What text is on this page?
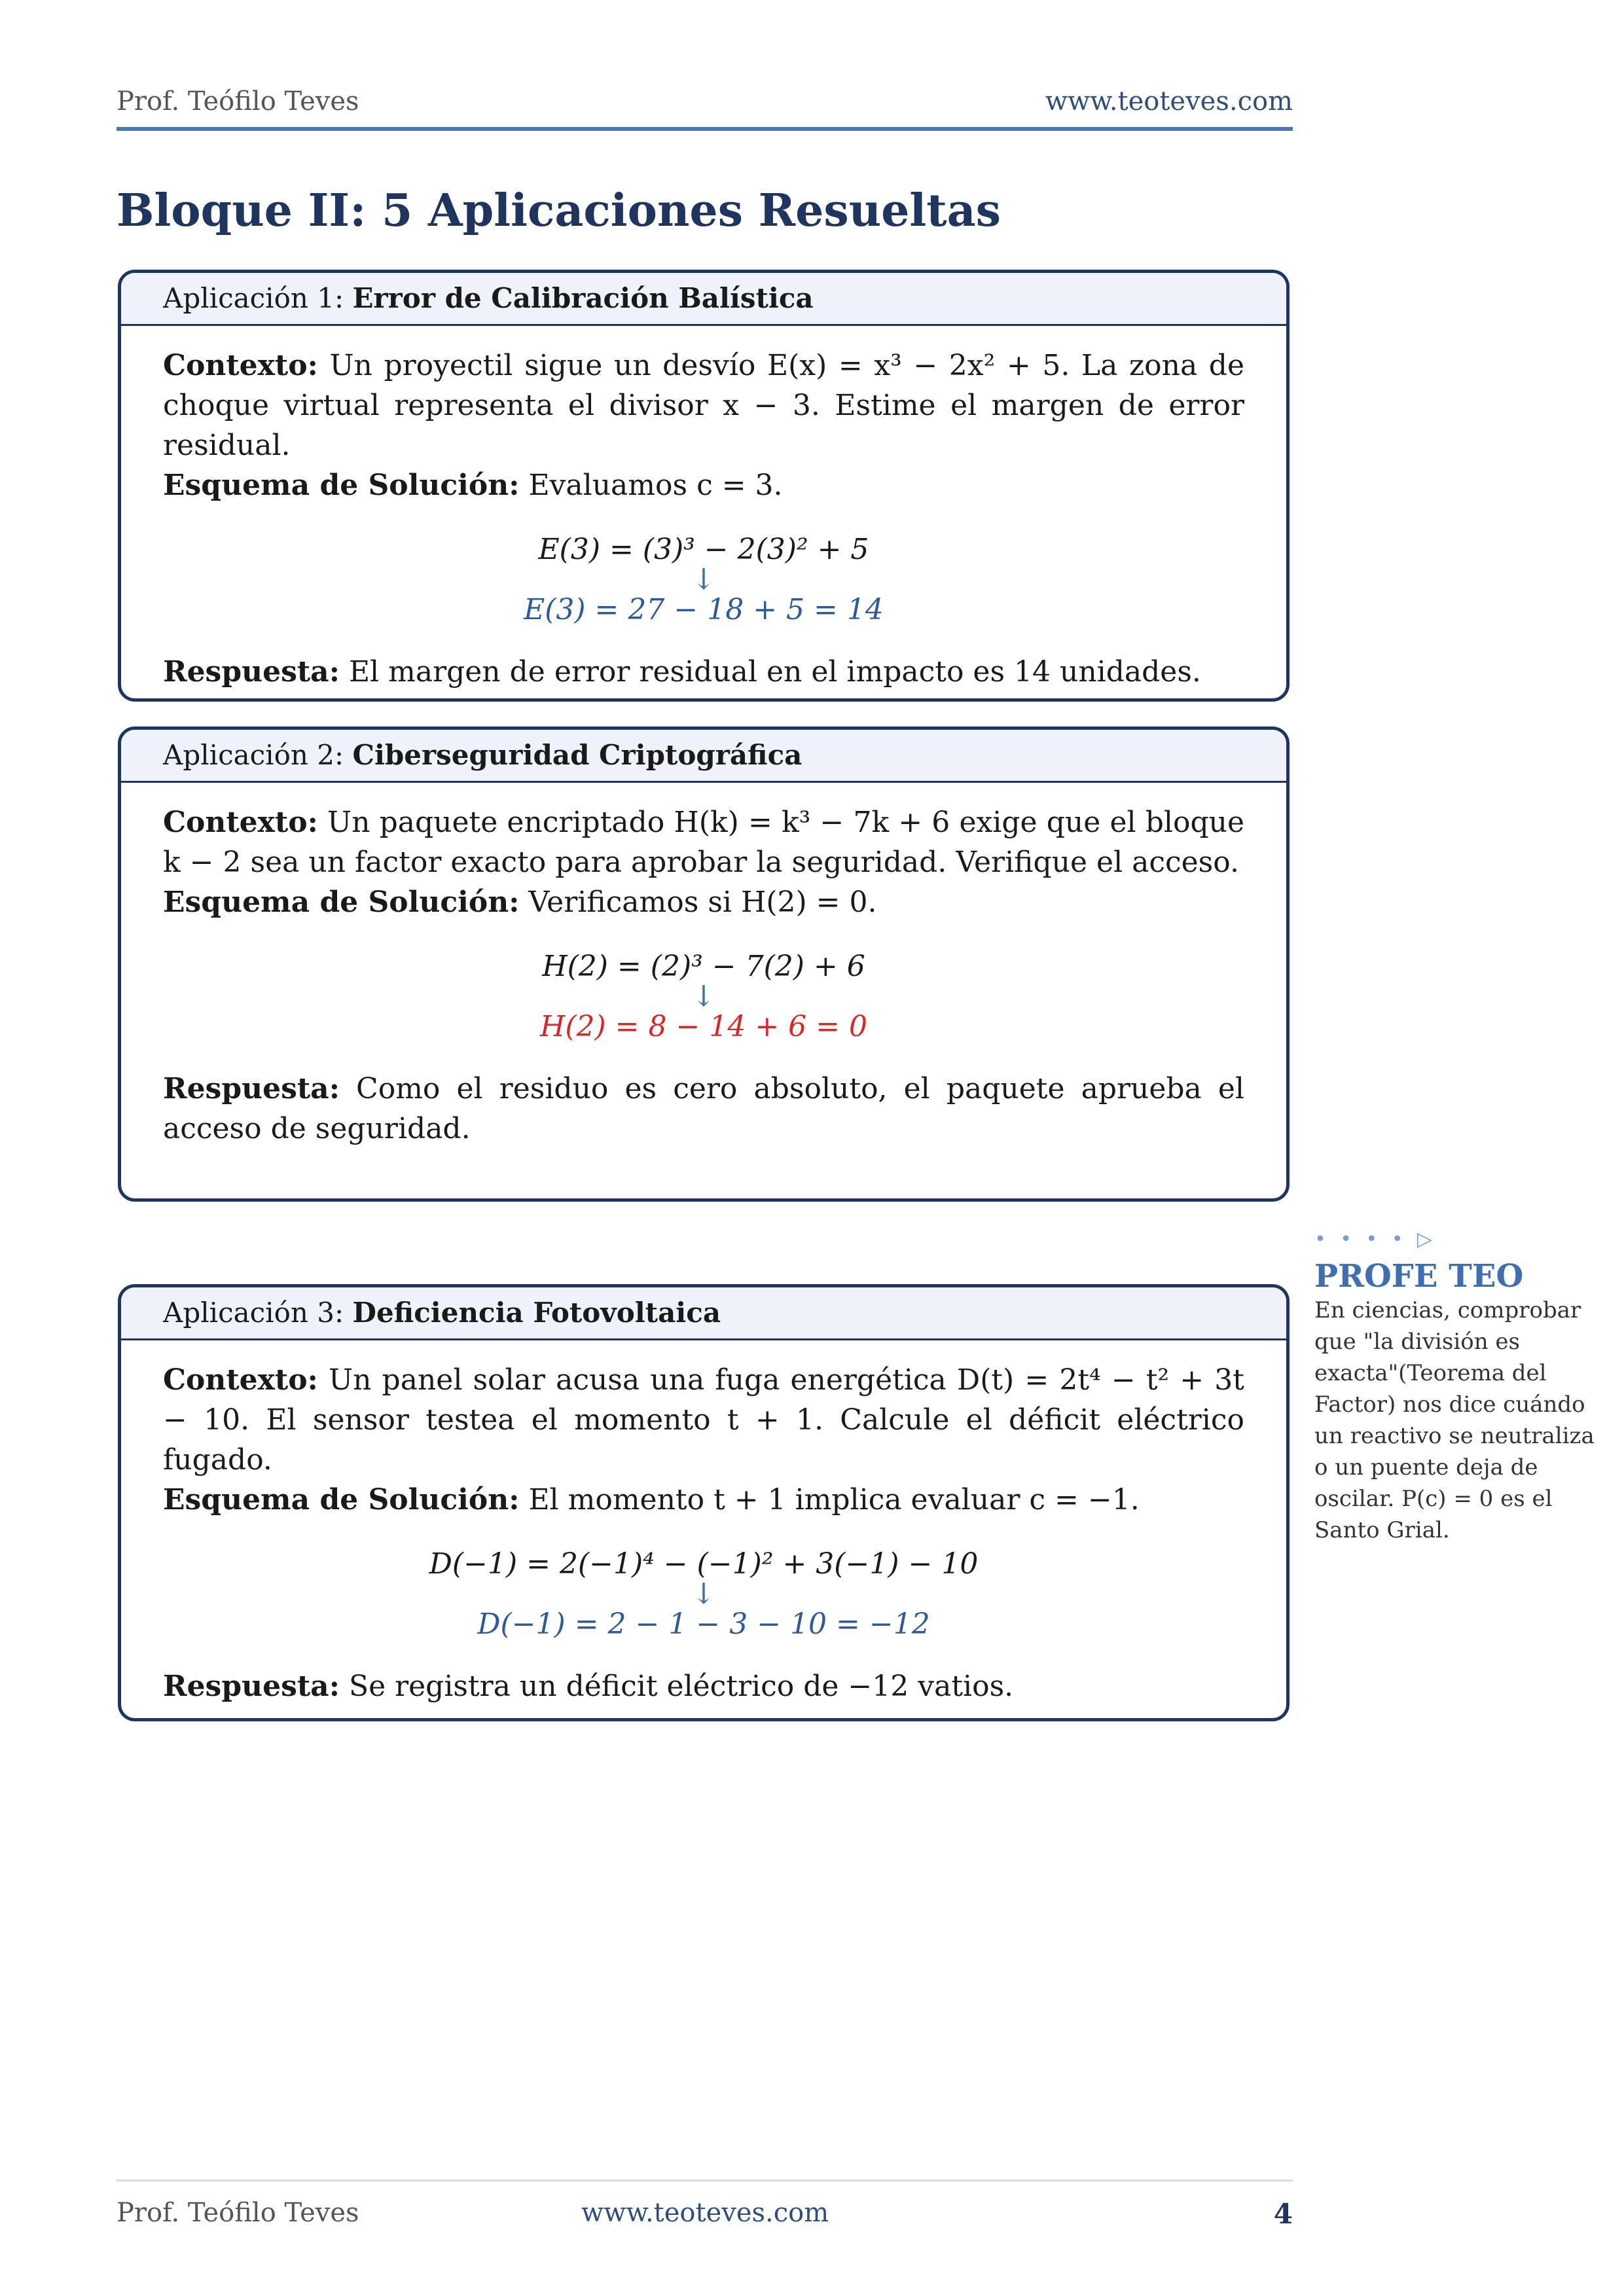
Prof. Teófilo Teves	www.teoteves.com
Bloque II: 5 Aplicaciones Resueltas
Aplicación 1: Error de Calibración Balística

Contexto: Un proyectil sigue un desvío E(x) = x³ − 2x² + 5. La zona de choque virtual representa el divisor x − 3. Estime el margen de error residual.

Esquema de Solución: Evaluamos c = 3.

E(3) = (3)³ − 2(3)² + 5
↓
E(3) = 27 − 18 + 5 = 14

Respuesta: El margen de error residual en el impacto es 14 unidades.

Aplicación 2: Ciberseguridad Criptográfica

Contexto: Un paquete encriptado H(k) = k³ − 7k + 6 exige que el bloque k − 2 sea un factor exacto para aprobar la seguridad. Verifique el acceso.

Esquema de Solución: Verificamos si H(2) = 0.

H(2) = (2)³ − 7(2) + 6
↓
H(2) = 8 − 14 + 6 = 0

Respuesta: Como el residuo es cero absoluto, el paquete aprueba el acceso de seguridad.

Aplicación 3: Deficiencia Fotovoltaica

Contexto: Un panel solar acusa una fuga energética D(t) = 2t⁴ − t² + 3t − 10. El sensor testea el momento t + 1. Calcule el déficit eléctrico fugado.

Esquema de Solución: El momento t + 1 implica evaluar c = −1.

D(−1) = 2(−1)⁴ − (−1)² + 3(−1) − 10
↓
D(−1) = 2 − 1 − 3 − 10 = −12

Respuesta: Se registra un déficit eléctrico de −12 vatios.

• • • • ▷
PROFE TEO
En ciencias, comprobar que "la división es exacta"(Teorema del Factor) nos dice cuándo un reactivo se neutraliza o un puente deja de oscilar. P(c) = 0 es el Santo Grial.
Prof. Teófilo Teves	www.teoteves.com	4
